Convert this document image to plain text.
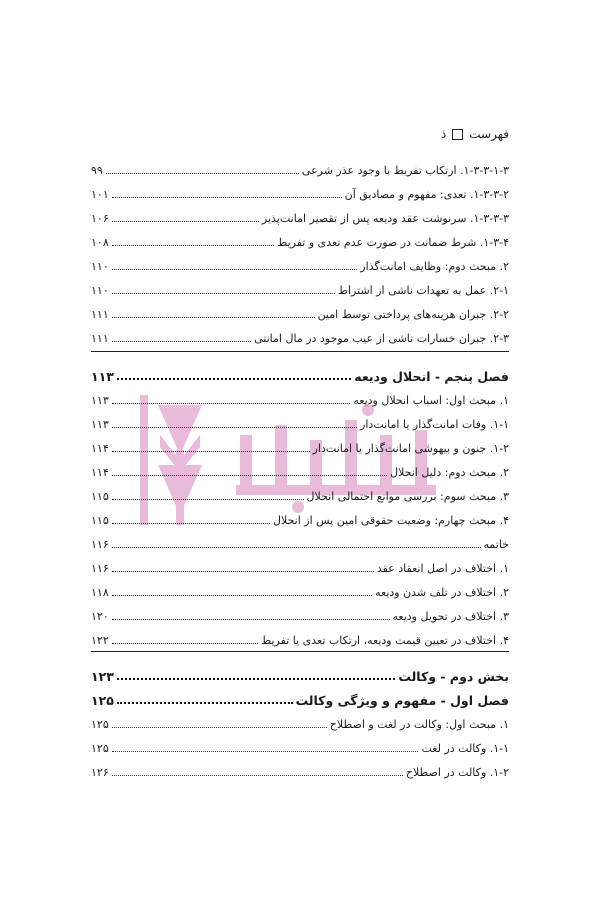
فهرست
ذ
۱-۳-۳-۱-۳. ارتکاب تفریط با وجود عذر شرعی
۹۹
۱-۳-۳-۲. تعدی: مفهوم و مصادیق آن
۱۰۱
۱-۳-۳-۳. سرنوشت عقد ودیعه پس از تقصیر امانت‌پذیر
۱۰۶
۱-۳-۴. شرط ضمانت در صورت عدم تعدی و تفریط
۱۰۸
۲. مبحث دوم: وظایف امانت‌گذار
۱۱۰
۲-۱. عمل به تعهدات ناشی از اشتراط
۱۱۰
۲-۲. جبران هزینه‌های پرداختی توسط امین
۱۱۱
۲-۳. جبران خسارات ناشی از عیب موجود در مال امانتی
۱۱۱
فصل پنجم - انحلال ودیعه
۱۱۳
۱. مبحث اول: اسباب انحلال ودیعه
۱۱۳
۱-۱. وفات امانت‌گذار یا امانت‌دار
۱۱۳
۱-۲. جنون و بیهوشی امانت‌گذار یا امانت‌دار
۱۱۴
۲. مبحث دوم: دلیل انحلال
۱۱۴
۳. مبحث سوم: بررسی موانع احتمالی انحلال
۱۱۵
۴. مبحث چهارم: وضعیت حقوقی امین پس از انحلال
۱۱۵
خاتمه
۱۱۶
۱. اختلاف در اصل انعقاد عقد
۱۱۶
۲. اختلاف در تلف شدن ودیعه
۱۱۸
۳. اختلاف در تحویل ودیعه
۱۲۰
۴. اختلاف در تعیین قیمت ودیعه، ارتکاب تعدی یا تفریط
۱۲۲
بخش دوم - وکالت
۱۲۳
فصل اول - مفهوم و ویژگی وکالت
۱۲۵
۱. مبحث اول: وکالت در لغت و اصطلاح
۱۲۵
۱-۱. وکالت در لغت
۱۲۵
۱-۲. وکالت در اصطلاح
۱۲۶
